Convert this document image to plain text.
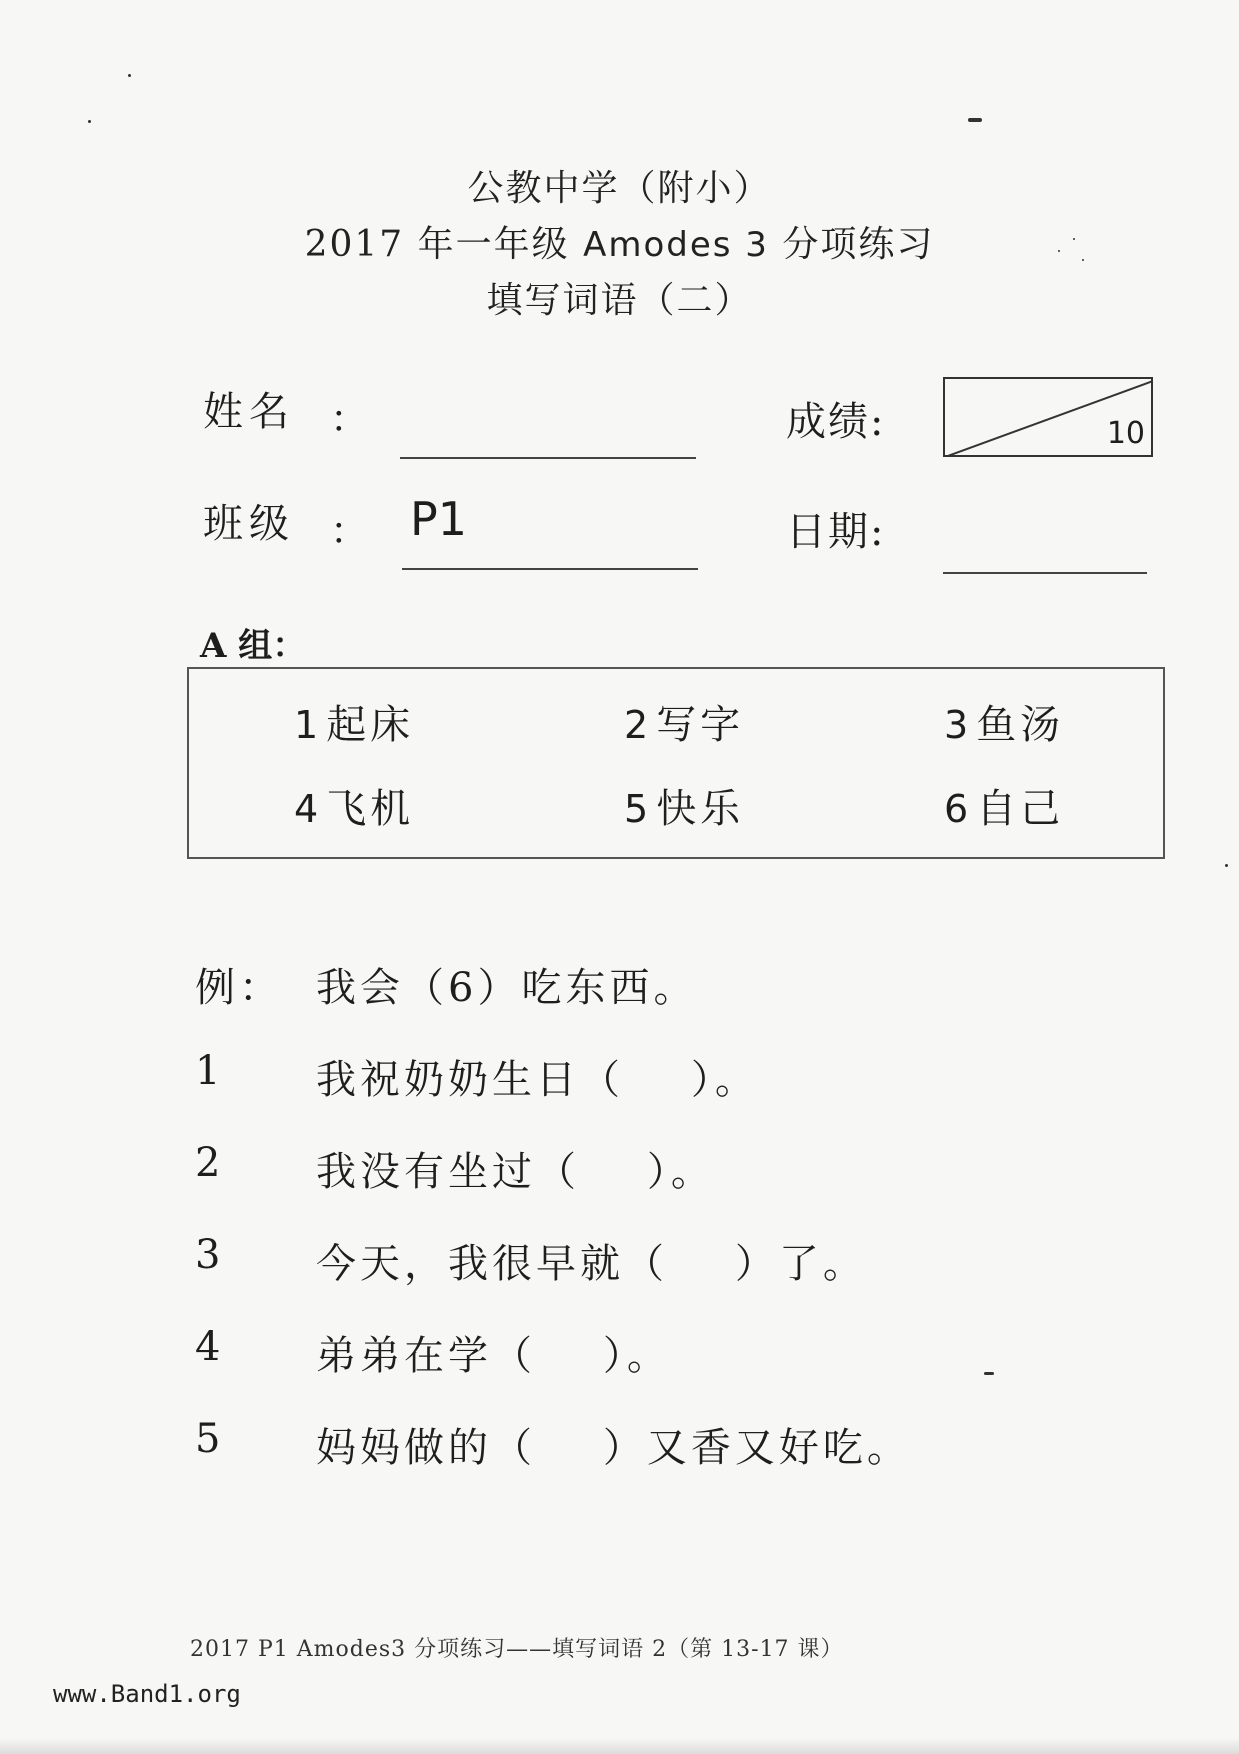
公教中学（附小）
2017 年一年级 Amodes 3 分项练习
填写词语（二）
姓名 ：	成绩:	10
班级 ： P1	日期:
A 组：
1 起床	2 写字	3 鱼汤
4 飞机	5 快乐	6 自己
例： 我会（6）吃东西。
1 我祝奶奶生日（    ）。
2 我没有坐过（    ）。
3 今天，我很早就（    ）了。
4 弟弟在学（    ）。
5 妈妈做的（    ）又香又好吃。
2017 P1 Amodes3 分项练习——填写词语 2（第 13-17 课）
www.Band1.org
